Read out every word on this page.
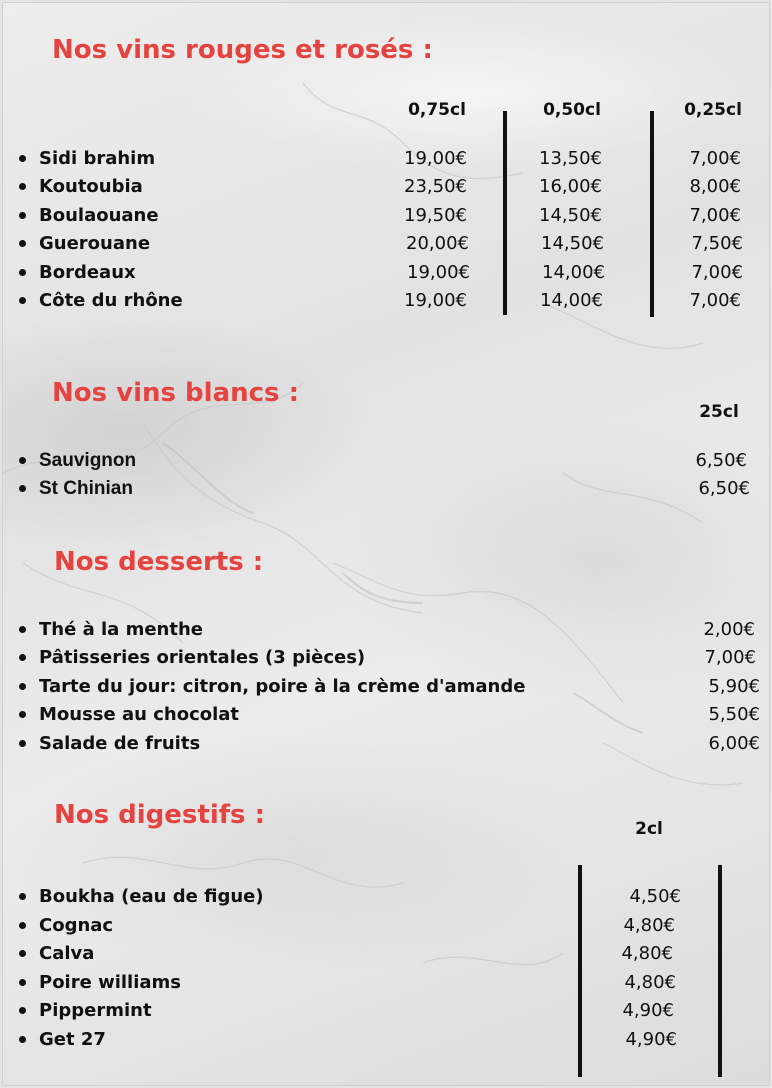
Nos vins rouges et rosés :
0,75cl	0,50cl	0,25cl
Sidi brahim	19,00€	13,50€	7,00€
Koutoubia	23,50€	16,00€	8,00€
Boulaouane	19,50€	14,50€	7,00€
Guerouane	20,00€	14,50€	7,50€
Bordeaux	19,00€	14,00€	7,00€
Côte du rhône	19,00€	14,00€	7,00€
Nos vins blancs :
25cl
Sauvignon	6,50€
St Chinian	6,50€
Nos desserts :
Thé à la menthe	2,00€
Pâtisseries orientales (3 pièces)	7,00€
Tarte du jour: citron, poire à la crème d'amande	5,90€
Mousse au chocolat	5,50€
Salade de fruits	6,00€
Nos digestifs :	2cl
Boukha (eau de figue)	4,50€
Cognac	4,80€
Calva	4,80€
Poire williams	4,80€
Pippermint	4,90€
Get 27	4,90€
